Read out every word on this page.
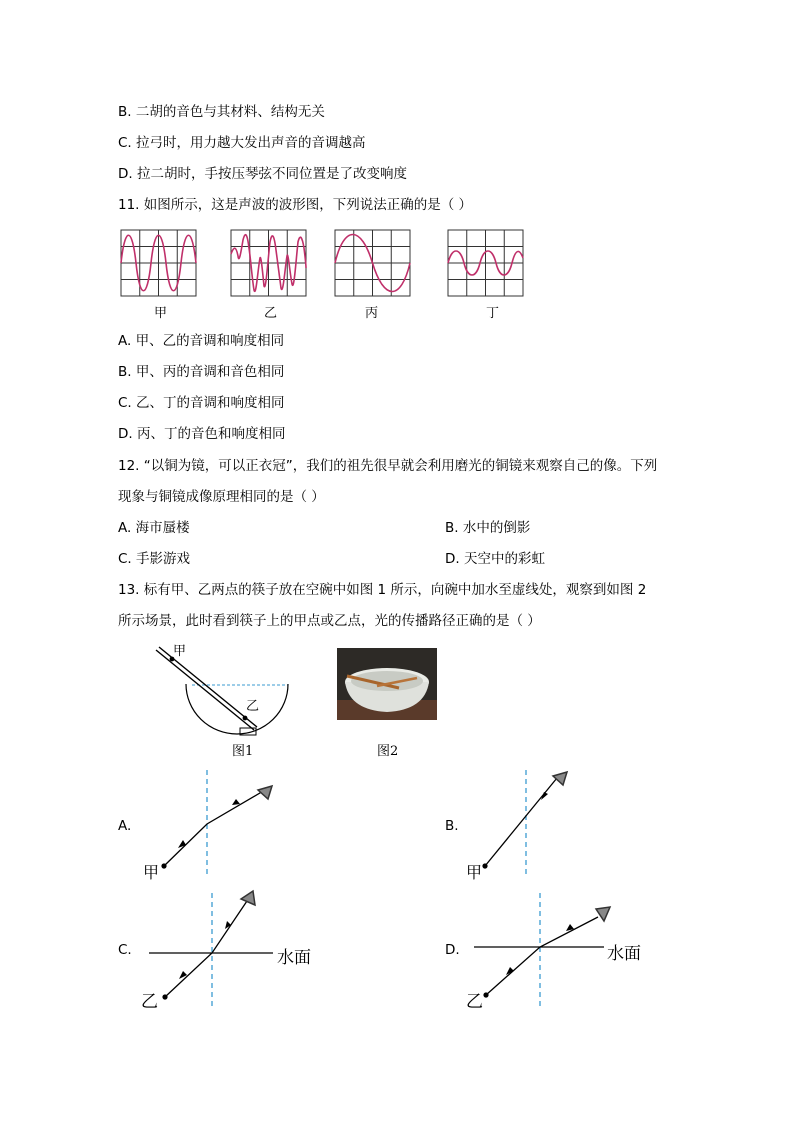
B. 二胡的音色与其材料、结构无关
C. 拉弓时，用力越大发出声音的音调越高
D. 拉二胡时，手按压琴弦不同位置是了改变响度
11. 如图所示，这是声波的波形图，下列说法正确的是（ ）
甲	乙	丙	丁
A. 甲、乙的音调和响度相同
B. 甲、丙的音调和音色相同
C. 乙、丁的音调和响度相同
D. 丙、丁的音色和响度相同
12. “以铜为镜，可以正衣冠”，我们的祖先很早就会利用磨光的铜镜来观察自己的像。下列
现象与铜镜成像原理相同的是（ ）
A. 海市蜃楼	B. 水中的倒影
C. 手影游戏	D. 天空中的彩虹
13. 标有甲、乙两点的筷子放在空碗中如图 1 所示，向碗中加水至虚线处，观察到如图 2
所示场景，此时看到筷子上的甲点或乙点，光的传播路径正确的是（ ）
甲
乙
图1	图2
A.
甲
B.
甲
C.	水面
乙
D.	水面
乙
